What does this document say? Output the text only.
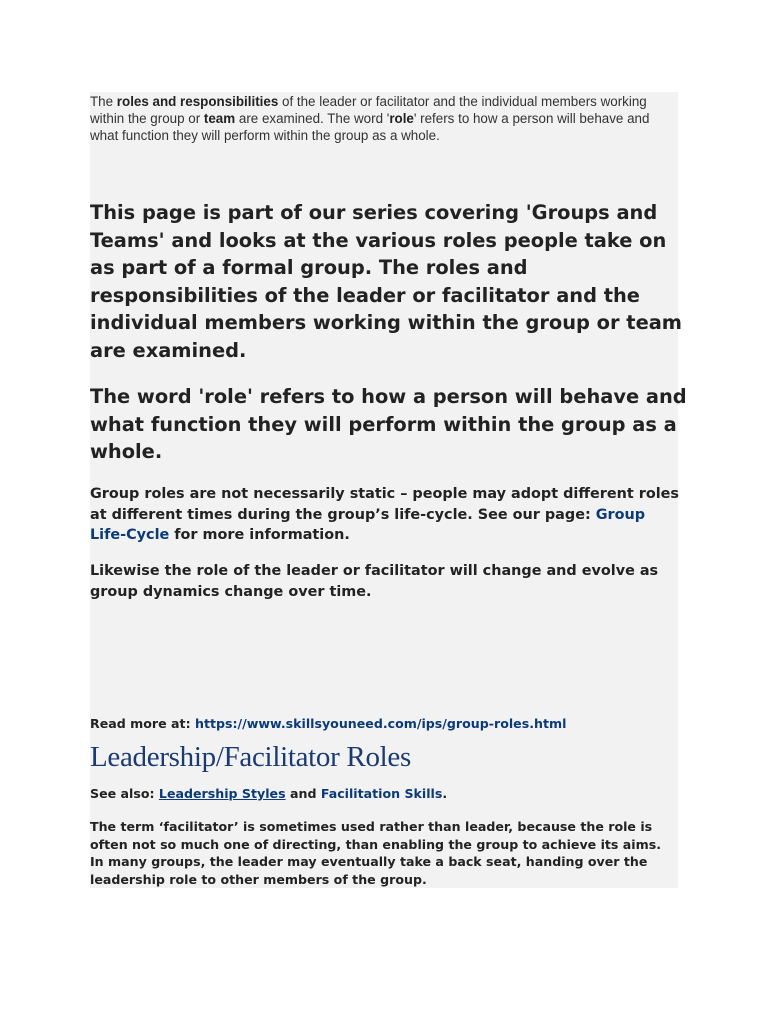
The roles and responsibilities of the leader or facilitator and the individual members working within the group or team are examined. The word 'role' refers to how a person will behave and what function they will perform within the group as a whole.

This page is part of our series covering 'Groups and Teams' and looks at the various roles people take on as part of a formal group. The roles and responsibilities of the leader or facilitator and the individual members working within the group or team are examined.

The word 'role' refers to how a person will behave and what function they will perform within the group as a whole.

Group roles are not necessarily static – people may adopt different roles at different times during the group’s life-cycle. See our page: Group Life-Cycle for more information.

Likewise the role of the leader or facilitator will change and evolve as group dynamics change over time.

Read more at: https://www.skillsyouneed.com/ips/group-roles.html
Leadership/Facilitator Roles
See also: Leadership Styles and Facilitation Skills.

The term ‘facilitator’ is sometimes used rather than leader, because the role is often not so much one of directing, than enabling the group to achieve its aims. In many groups, the leader may eventually take a back seat, handing over the leadership role to other members of the group.
